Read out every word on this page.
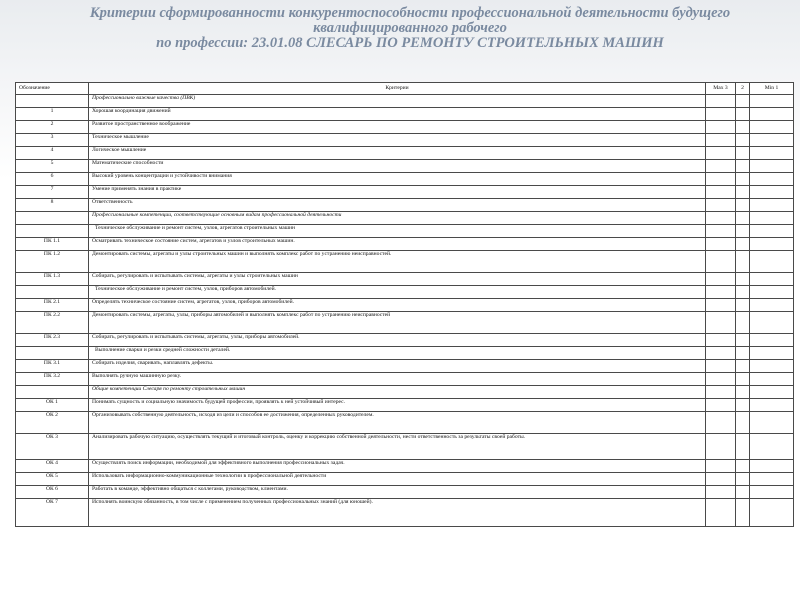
Критерии сформированности конкурентоспособности профессиональной деятельности будущего
квалифицированного рабочего
по профессии: 23.01.08 СЛЕСАРЬ ПО РЕМОНТУ СТРОИТЕЛЬНЫХ МАШИН
Обозначение	Критерии	Max 3	2	Min 1
	Профессионально важные качества (ПВК)			
1	Хорошая координация движений			
2	Развитое пространственное воображение			
3	Техническое мышление			
4	Логическое мышление			
5	Математические способности			
6	Высокий уровень концентрации и устойчивости внимания			
7	Умение применять знания в практике			
8	Ответственность			
	Профессиональные компетенции, соответствующие основным видам профессиональной деятельности			
	Техническое обслуживание и ремонт систем, узлов, агрегатов строительных машин			
ПК 1.1	Осматривать техническое состояние систем, агрегатов и узлов строительных машин.			
ПК 1.2	Демонтировать системы, агрегаты и узлы строительных машин и выполнять комплекс работ по устранению неисправностей.			
ПК 1.3	Собирать, регулировать и испытывать системы, агрегаты и узлы строительных машин			
	Техническое обслуживание и ремонт систем, узлов, приборов автомобилей.			
ПК 2.1	Определять техническое состояние систем, агрегатов, узлов, приборов автомобилей.			
ПК 2.2	Демонтировать системы, агрегаты, узлы, приборы автомобилей и выполнять комплекс работ по устранению неисправностей			
ПК 2.3	Собирать, регулировать и испытывать системы, агрегаты, узлы, приборы автомобилей.			
	Выполнение сварки и резки средней сложности деталей.			
ПК 3.1	Собирать изделия, сваривать, наплавлять дефекты.			
ПК 3.2	Выполнять ручную машинную резку.			
	Общие компетенции Слесаря по ремонту строительных машин			
ОК 1	Понимать сущность и социальную значимость будущей профессии, проявлять к ней устойчивый интерес.			
ОК 2	Организовывать собственную деятельность, исходя из цели и способов ее достижения, определенных руководителем.			
ОК 3	Анализировать рабочую ситуацию, осуществлять текущий и итоговый контроль, оценку и коррекцию собственной деятельности, нести ответственность за результаты своей работы.			
ОК 4	Осуществлять поиск информации, необходимой для эффективного выполнения профессиональных задач.			
ОК 5	Использовать информационно-коммуникационные технологии в профессиональной деятельности			
ОК 6	Работать в команде, эффективно общаться с коллегами, руководством, клиентами.			
ОК 7	Исполнять воинскую обязанность, в том числе с применением полученных профессиональных знаний (для юношей).			
